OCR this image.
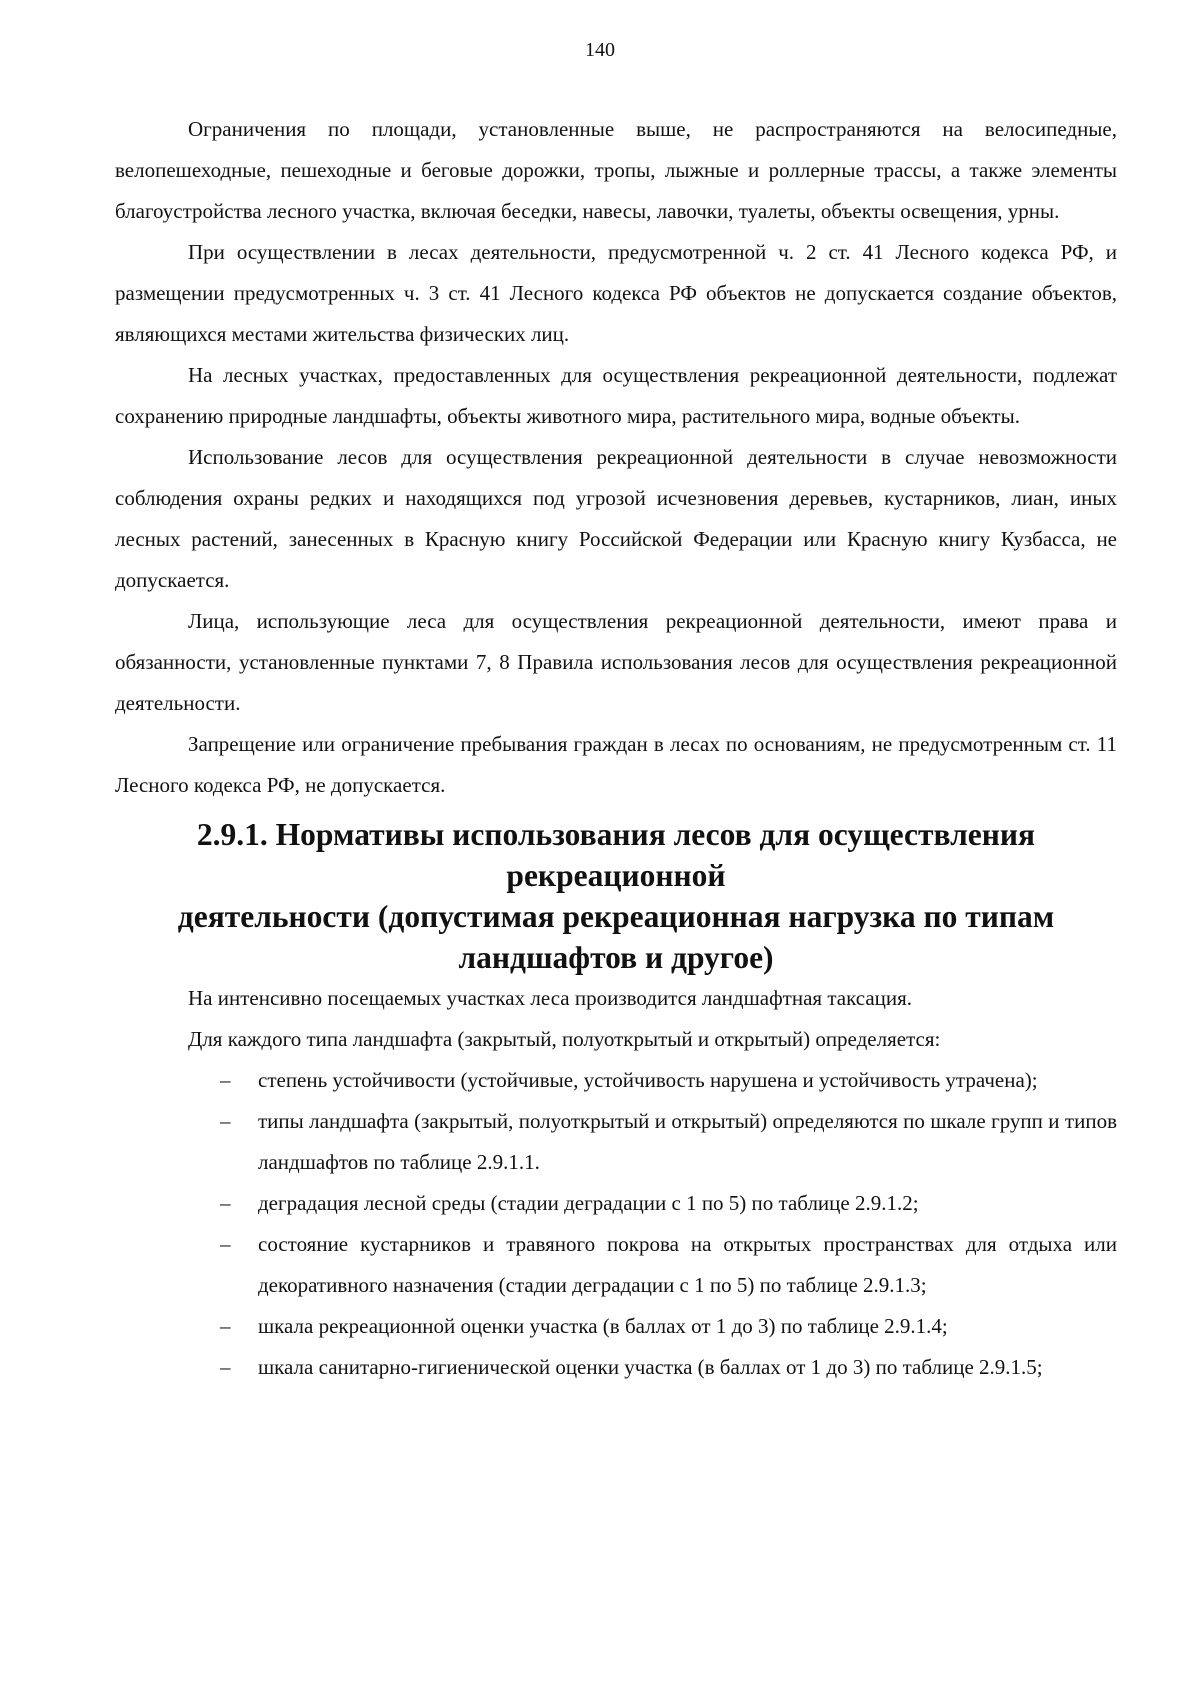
140

Ограничения по площади, установленные выше, не распространяются на велосипедные, велопешеходные, пешеходные и беговые дорожки, тропы, лыжные и роллерные трассы, а также элементы благоустройства лесного участка, включая беседки, навесы, лавочки, туалеты, объекты освещения, урны.

При осуществлении в лесах деятельности, предусмотренной ч. 2 ст. 41 Лесного кодекса РФ, и размещении предусмотренных ч. 3 ст. 41 Лесного кодекса РФ объектов не допускается создание объектов, являющихся местами жительства физических лиц.

На лесных участках, предоставленных для осуществления рекреационной деятельности, подлежат сохранению природные ландшафты, объекты животного мира, растительного мира, водные объекты.

Использование лесов для осуществления рекреационной деятельности в случае невозможности соблюдения охраны редких и находящихся под угрозой исчезновения деревьев, кустарников, лиан, иных лесных растений, занесенных в Красную книгу Российской Федерации или Красную книгу Кузбасса, не допускается.

Лица, использующие леса для осуществления рекреационной деятельности, имеют права и обязанности, установленные пунктами 7, 8 Правила использования лесов для осуществления рекреационной деятельности.

Запрещение или ограничение пребывания граждан в лесах по основаниям, не предусмотренным ст. 11 Лесного кодекса РФ, не допускается.

2.9.1. Нормативы использования лесов для осуществления рекреационной
деятельности (допустимая рекреационная нагрузка по типам ландшафтов и другое)

На интенсивно посещаемых участках леса производится ландшафтная таксация.

Для каждого типа ландшафта (закрытый, полуоткрытый и открытый) определяется:

– степень устойчивости (устойчивые, устойчивость нарушена и устойчивость утрачена);
– типы ландшафта (закрытый, полуоткрытый и открытый) определяются по шкале групп и типов ландшафтов по таблице 2.9.1.1.
– деградация лесной среды (стадии деградации с 1 по 5) по таблице 2.9.1.2;
– состояние кустарников и травяного покрова на открытых пространствах для отдыха или декоративного назначения (стадии деградации с 1 по 5) по таблице 2.9.1.3;
– шкала рекреационной оценки участка (в баллах от 1 до 3) по таблице 2.9.1.4;
– шкала санитарно-гигиенической оценки участка (в баллах от 1 до 3) по таблице 2.9.1.5;
